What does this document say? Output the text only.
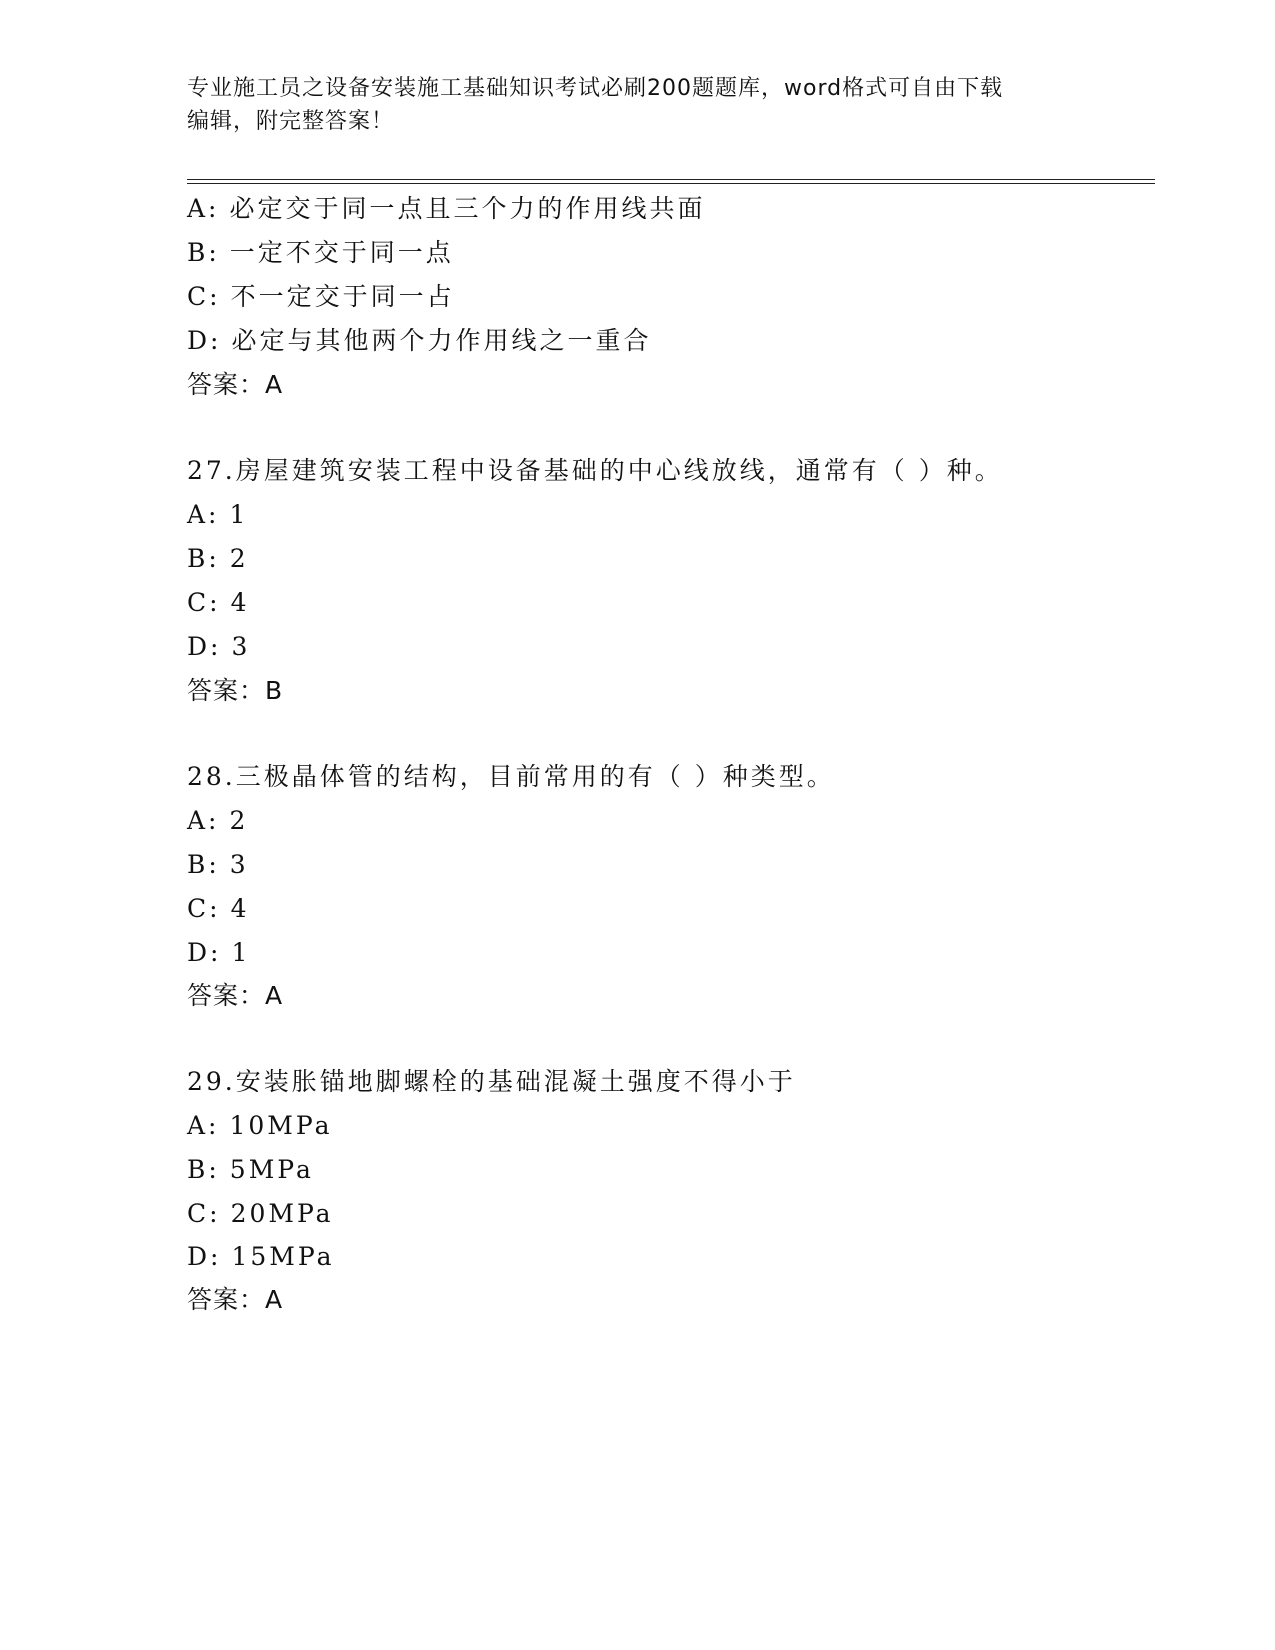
专业施工员之设备安装施工基础知识考试必刷200题题库，word格式可自由下载
编辑，附完整答案！
A: 必定交于同一点且三个力的作用线共面
B: 一定不交于同一点
C: 不一定交于同一占
D: 必定与其他两个力作用线之一重合
答案：A
27.房屋建筑安装工程中设备基础的中心线放线，通常有（ ）种。
A: 1
B: 2
C: 4
D: 3
答案：B
28.三极晶体管的结构，目前常用的有（ ）种类型。
A: 2
B: 3
C: 4
D: 1
答案：A
29.安装胀锚地脚螺栓的基础混凝土强度不得小于
A: 10MPa
B: 5MPa
C: 20MPa
D: 15MPa
答案：A
